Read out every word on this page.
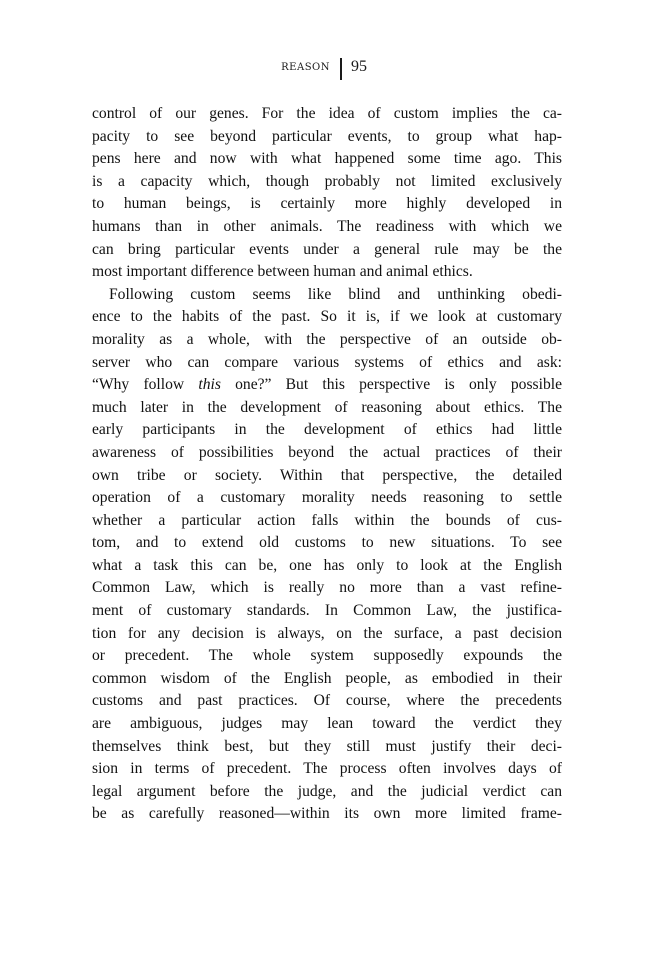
REASON 95
control of our genes. For the idea of custom implies the ca-
pacity to see beyond particular events, to group what hap-
pens here and now with what happened some time ago. This
is a capacity which, though probably not limited exclusively
to human beings, is certainly more highly developed in
humans than in other animals. The readiness with which we
can bring particular events under a general rule may be the
most important difference between human and animal ethics.
Following custom seems like blind and unthinking obedi-
ence to the habits of the past. So it is, if we look at customary
morality as a whole, with the perspective of an outside ob-
server who can compare various systems of ethics and ask:
“Why follow this one?” But this perspective is only possible
much later in the development of reasoning about ethics. The
early participants in the development of ethics had little
awareness of possibilities beyond the actual practices of their
own tribe or society. Within that perspective, the detailed
operation of a customary morality needs reasoning to settle
whether a particular action falls within the bounds of cus-
tom, and to extend old customs to new situations. To see
what a task this can be, one has only to look at the English
Common Law, which is really no more than a vast refine-
ment of customary standards. In Common Law, the justifica-
tion for any decision is always, on the surface, a past decision
or precedent. The whole system supposedly expounds the
common wisdom of the English people, as embodied in their
customs and past practices. Of course, where the precedents
are ambiguous, judges may lean toward the verdict they
themselves think best, but they still must justify their deci-
sion in terms of precedent. The process often involves days of
legal argument before the judge, and the judicial verdict can
be as carefully reasoned—within its own more limited frame-
